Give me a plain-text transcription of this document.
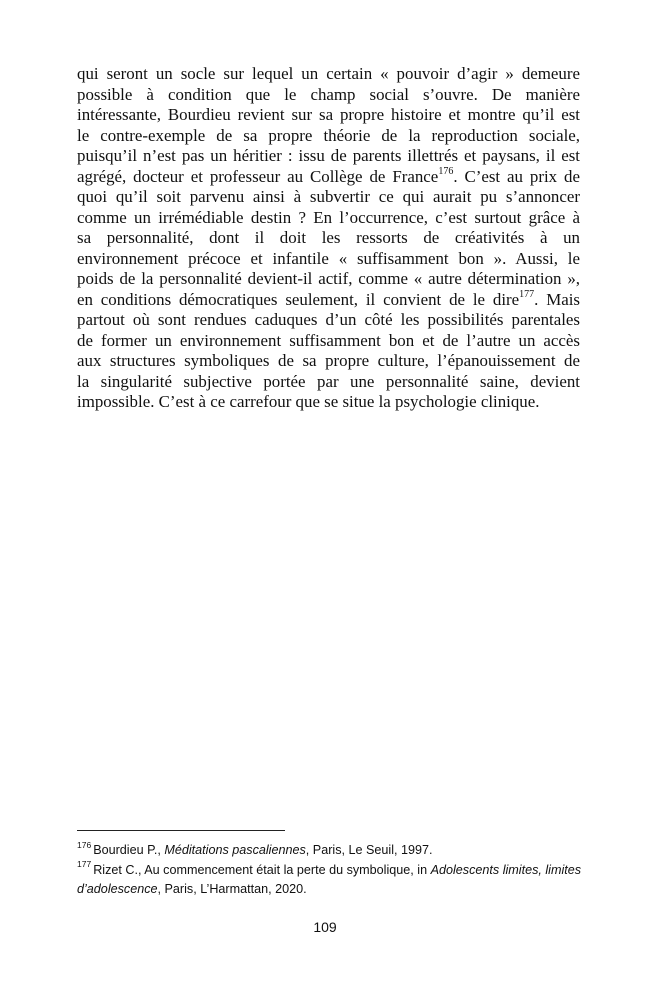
qui seront un socle sur lequel un certain « pouvoir d’agir » demeure
possible à condition que le champ social s’ouvre. De manière
intéressante, Bourdieu revient sur sa propre histoire et montre qu’il est
le contre-exemple de sa propre théorie de la reproduction sociale,
puisqu’il n’est pas un héritier : issu de parents illettrés et paysans, il est
agrégé, docteur et professeur au Collège de France$^{176}$. C’est au prix de
quoi qu’il soit parvenu ainsi à subvertir ce qui aurait pu s’annoncer
comme un irrémédiable destin ? En l’occurrence, c’est surtout grâce à
sa personnalité, dont il doit les ressorts de créativités à un
environnement précoce et infantile « suffisamment bon ». Aussi, le
poids de la personnalité devient-il actif, comme « autre détermination »,
en conditions démocratiques seulement, il convient de le dire$^{177}$. Mais
partout où sont rendues caduques d’un côté les possibilités parentales
de former un environnement suffisamment bon et de l’autre un accès
aux structures symboliques de sa propre culture, l’épanouissement de
la singularité subjective portée par une personnalité saine, devient
impossible. C’est à ce carrefour que se situe la psychologie clinique.
$^{176}$ Bourdieu P., Méditations pascaliennes, Paris, Le Seuil, 1997.
$^{177}$ Rizet C., Au commencement était la perte du symbolique, in Adolescents limites, limites d’adolescence, Paris, L’Harmattan, 2020.
109
